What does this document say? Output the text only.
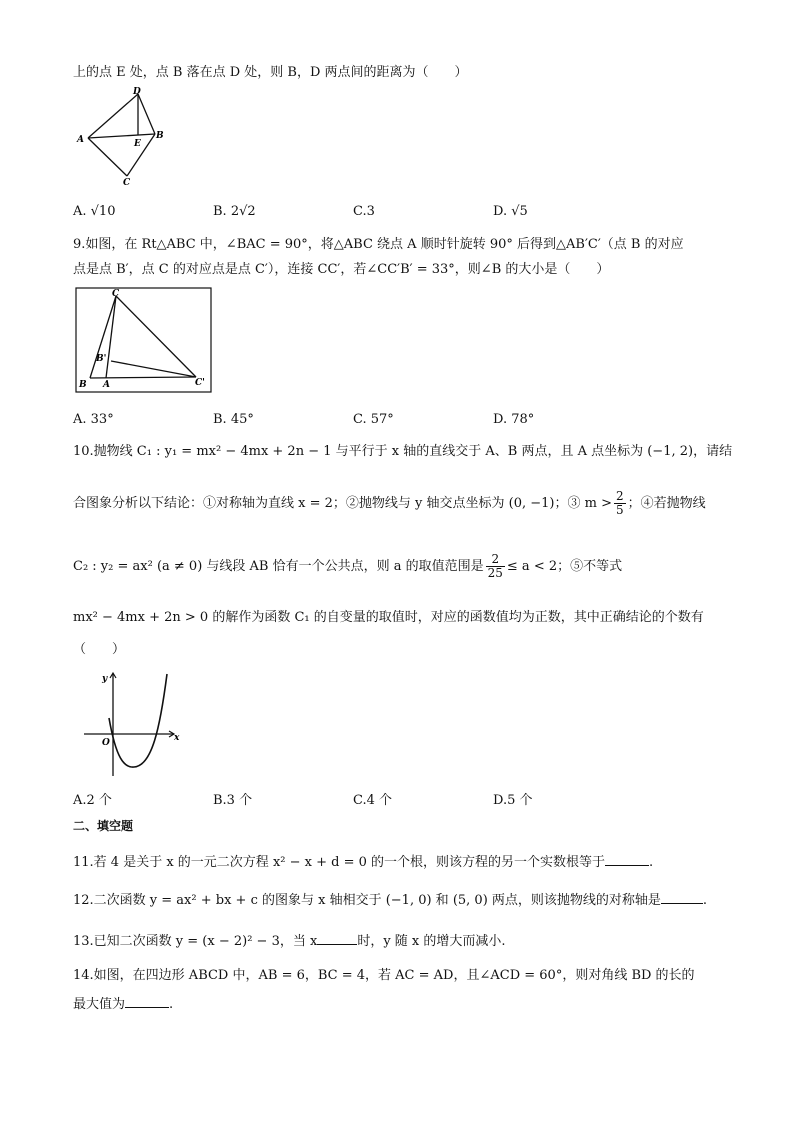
上的点 E 处，点 B 落在点 D 处，则 B，D 两点间的距离为（　　）
D
A	B
E
C
A. √10	B. 2√2	C.3	D. √5
9.如图，在 Rt△ABC 中，∠BAC = 90°，将△ABC 绕点 A 顺时针旋转 90° 后得到△AB′C′（点 B 的对应
点是点 B′，点 C 的对应点是点 C′），连接 CC′，若∠CC′B′ = 33°，则∠B 的大小是（　　）
C
B'
B A	C'
A. 33°	B. 45°	C. 57°	D. 78°
10.抛物线 C₁ : y₁ = mx² − 4mx + 2n − 1 与平行于 x 轴的直线交于 A、B 两点，且 A 点坐标为 (−1, 2)，请结
合图象分析以下结论：①对称轴为直线 x = 2；②抛物线与 y 轴交点坐标为 (0, −1)；③ $m > \frac{2}{5}$ ；④若抛物线
C₂ : y₂ = ax² (a ≠ 0) 与线段 AB 恰有一个公共点，则 a 的取值范围是 $\frac{2}{25} \le a < 2$；⑤不等式
mx² − 4mx + 2n > 0 的解作为函数 C₁ 的自变量的取值时，对应的函数值均为正数，其中正确结论的个数有
（　　）
y
x
O
A.2 个	B.3 个	C.4 个	D.5 个
二、填空题
11.若 4 是关于 x 的一元二次方程 x² − x + d = 0 的一个根，则该方程的另一个实数根等于	.
12.二次函数 y = ax² + bx + c 的图象与 x 轴相交于 (−1, 0) 和 (5, 0) 两点，则该抛物线的对称轴是	.
13.已知二次函数 y = (x − 2)² − 3，当 x	时，y 随 x 的增大而减小.
14.如图，在四边形 ABCD 中，AB = 6，BC = 4，若 AC = AD，且∠ACD = 60°，则对角线 BD 的长的
最大值为	.
